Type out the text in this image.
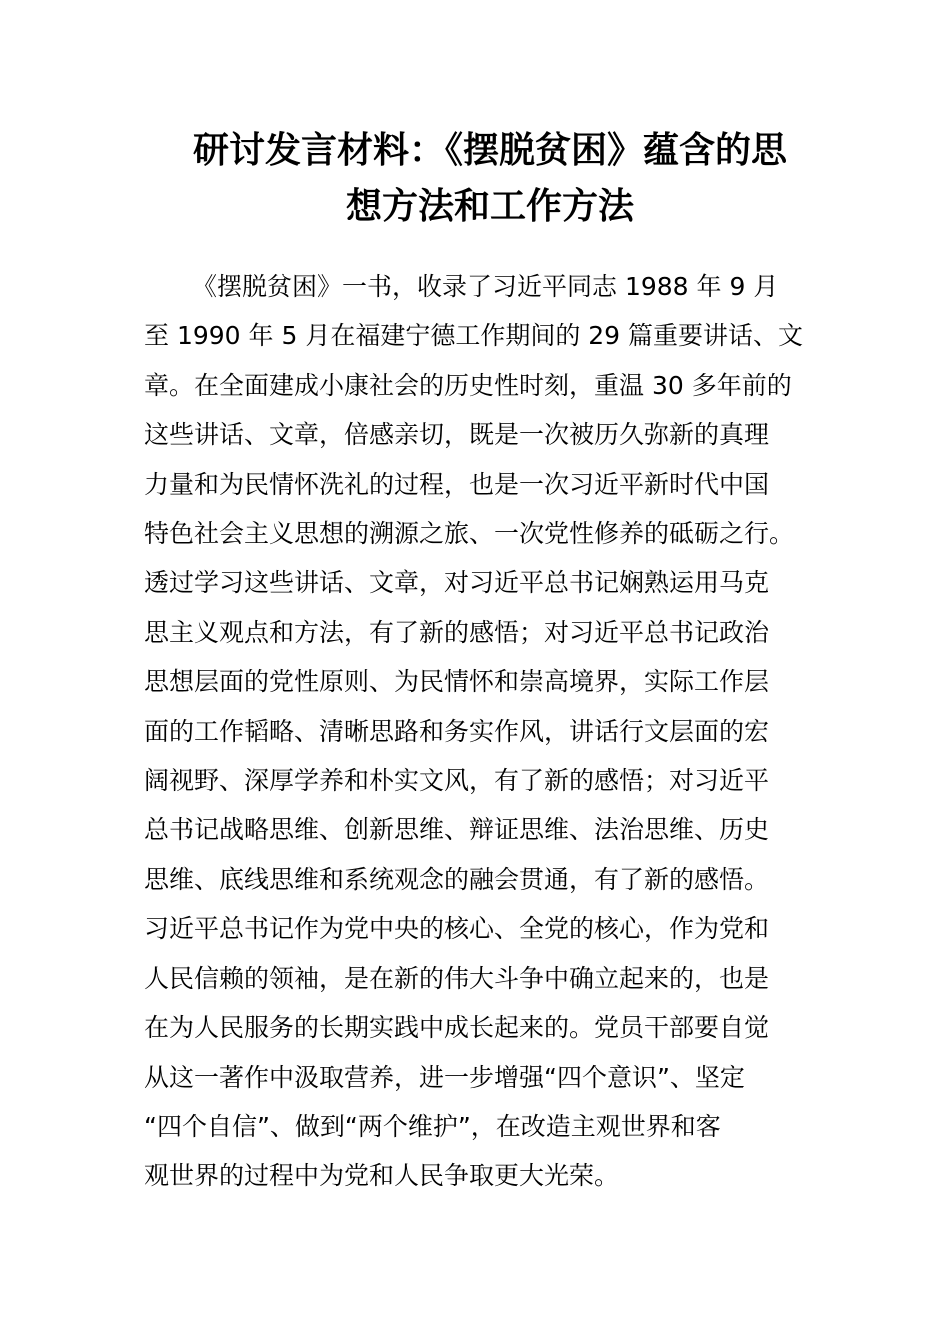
研讨发言材料：《摆脱贫困》蕴含的思
想方法和工作方法
《摆脱贫困》一书，收录了习近平同志 1988 年 9 月
至 1990 年 5 月在福建宁德工作期间的 29 篇重要讲话、文
章。在全面建成小康社会的历史性时刻，重温 30 多年前的
这些讲话、文章，倍感亲切，既是一次被历久弥新的真理
力量和为民情怀洗礼的过程，也是一次习近平新时代中国
特色社会主义思想的溯源之旅、一次党性修养的砥砺之行。
透过学习这些讲话、文章，对习近平总书记娴熟运用马克
思主义观点和方法，有了新的感悟；对习近平总书记政治
思想层面的党性原则、为民情怀和崇高境界，实际工作层
面的工作韬略、清晰思路和务实作风，讲话行文层面的宏
阔视野、深厚学养和朴实文风，有了新的感悟；对习近平
总书记战略思维、创新思维、辩证思维、法治思维、历史
思维、底线思维和系统观念的融会贯通，有了新的感悟。
习近平总书记作为党中央的核心、全党的核心，作为党和
人民信赖的领袖，是在新的伟大斗争中确立起来的，也是
在为人民服务的长期实践中成长起来的。党员干部要自觉
从这一著作中汲取营养，进一步增强“四个意识”、坚定
“四个自信”、做到“两个维护”，在改造主观世界和客
观世界的过程中为党和人民争取更大光荣。
